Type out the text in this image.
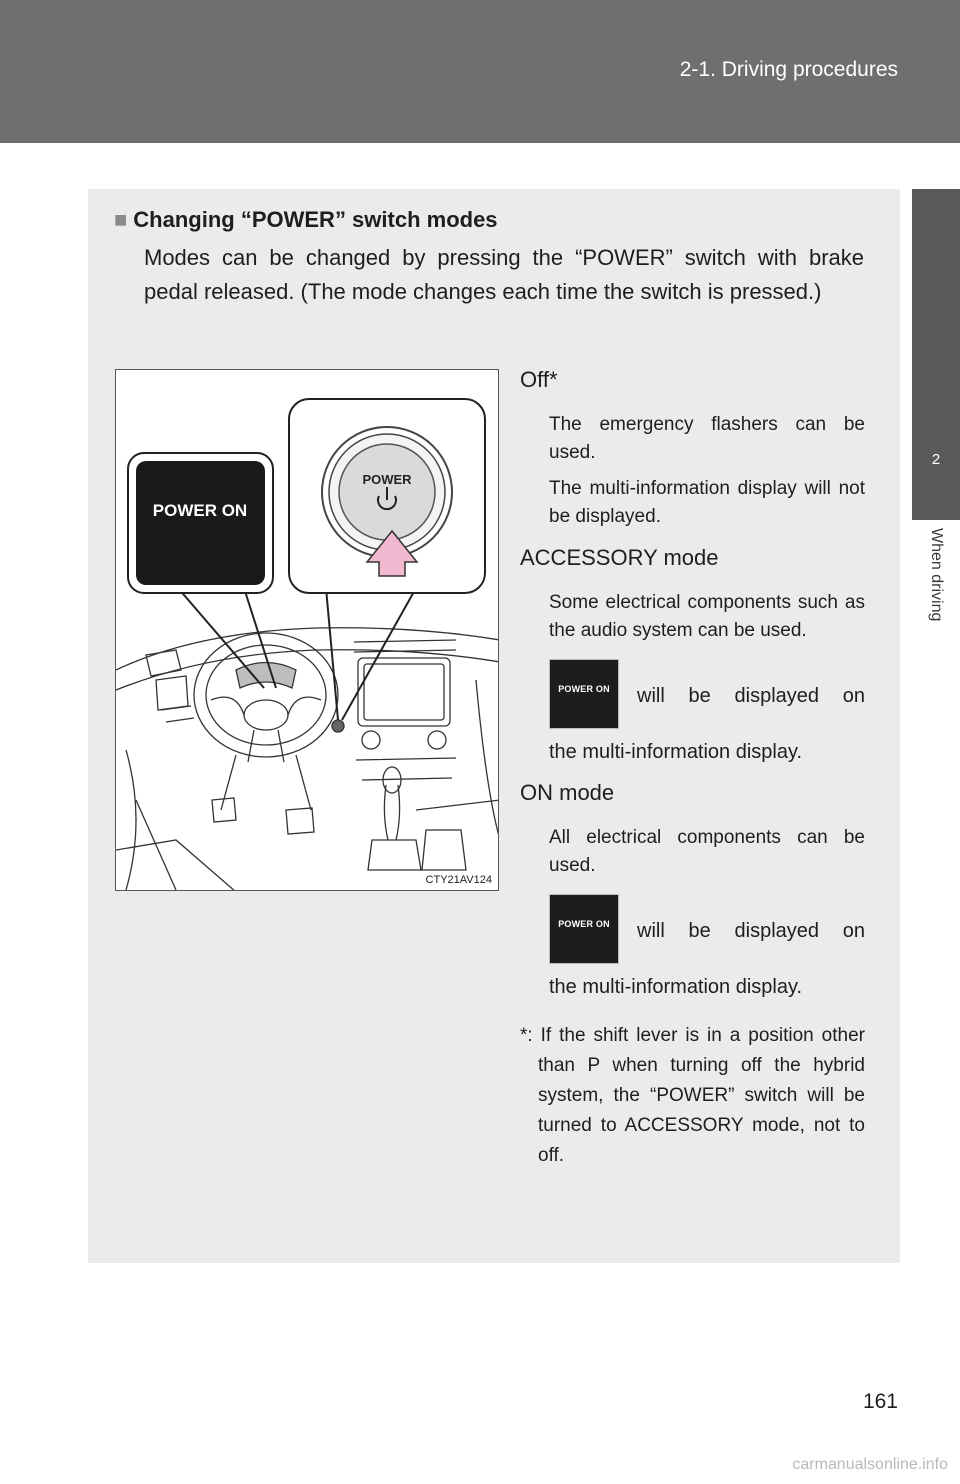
2-1. Driving procedures
2
When driving
■ Changing “POWER” switch modes
Modes can be changed by pressing the “POWER” switch with brake pedal released. (The mode changes each time the switch is pressed.)
POWER ON
POWER
CTY21AV124
Off*

The emergency flashers can be used.

The multi-information display will not be displayed.

ACCESSORY mode

Some electrical components such as the audio system can be used.

POWER ON	will be displayed on
the multi-information display.
ON mode

All electrical components can be used.

POWER ON	will be displayed on
the multi-information display.
*: If the shift lever is in a position other than P when turning off the hybrid system, the “POWER” switch will be turned to ACCESSORY mode, not to off.
161
carmanualsonline.info
